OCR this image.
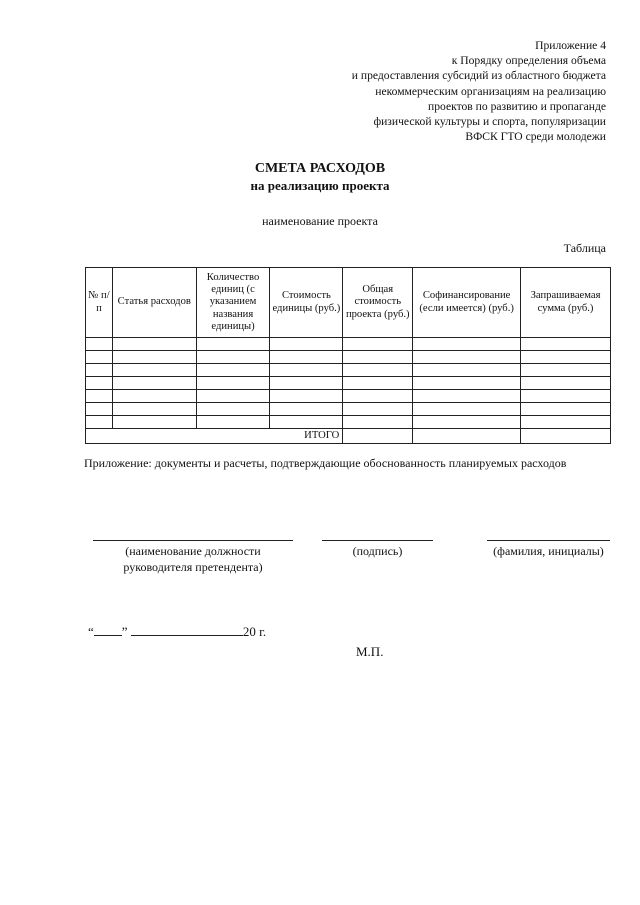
Приложение 4
к Порядку определения объема
и предоставления субсидий из областного бюджета
некоммерческим организациям на реализацию
проектов по развитию и пропаганде
физической культуры и спорта, популяризации
ВФСК ГТО среди молодежи
СМЕТА РАСХОДОВ
на реализацию проекта
наименование проекта
Таблица
№ п/п	Статья расходов	Количество единиц (с указанием названия единицы)	Стоимость единицы (руб.)	Общая стоимость проекта (руб.)	Софинансирование (если имеется) (руб.)	Запрашиваемая сумма (руб.)

ИТОГО						
Приложение: документы и расчеты, подтверждающие обоснованность планируемых расходов
(наименование должности руководителя претендента)
(подпись)	(фамилия, инициалы)
“ ”	20 г.
М.П.
